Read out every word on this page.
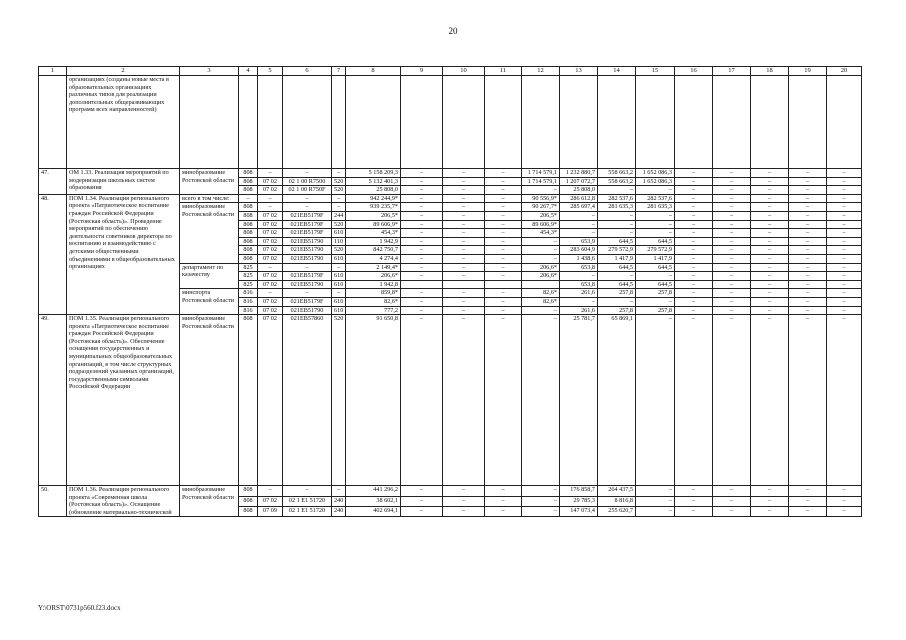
20
1	2	3	4	5	6	7	8	9	10	11	12	13	14	15	16	17	18	19	20
	организациях (созданы новые места в образовательных организациях различных типов для реализации дополнительных общеразвивающих программ всех направленностей)																		
47.	ОМ 1.33. Реализация мероприятий по модернизации школьных систем образования	минобразование Ростовской области	808	–	–	–	5 158 209,3	–	–	–	1 714 579,1	1 232 880,7	558 663,2	1 652 086,3	–	–	–	–	–
			808	07 02	02 1 00 R7500	520	5 132 401,3	–	–	–	1 714 579,1	1 207 072,7	558 663,2	1 652 086,3	–	–	–	–	–
			808	07 02	02 1 00 R750F	520	25 808,0	–	–	–	–	25 808,0	–	–	–	–	–	–	–
48.	ПОМ 1.34. Реализация регионального проекта «Патриотическое воспитание граждан Российской Федерации (Ростовская область)». Проведение мероприятий по обеспечению деятельности советников директора по воспитанию и взаимодействию с детскими общественными объединениями в общеобразовательных организациях	всего в том числе:	–	–	–	–	942 244,9*	–	–	–	90 556,9*	286 612,8	282 537,6	282 537,6	–	–	–	–	–
		минобразование Ростовской области	808	–	–	–	939 235,7*	–	–	–	90 267,7*	285 697,4	281 635,3	281 635,3	–	–	–	–	–
			808	07 02	021EB5179F	244	206,5*	–	–	–	206,5*	–	–	–	–	–	–	–	–
			808	07 02	021EB5179F	520	89 606,9*	–	–	–	89 606,9*	–	–	–	–	–	–	–	–
			808	07 02	021EB5179F	610	454,3*	–	–	–	454,3*	–	–	–	–	–	–	–	–
			808	07 02	021EB51790	110	1 942,9	–	–	–	–	653,9	644,5	644,5	–	–	–	–	–
			808	07 02	021EB51790	520	842 750,7	–	–	–	–	283 604,9	279 572,9	279 572,9	–	–	–	–	–
			808	07 02	021EB51790	610	4 274,4	–	–	–	–	1 438,6	1 417,9	1 417,9	–	–	–	–	–
		департамент по казачеству	825	–	–	–	2 149,4*	–	–	–	206,6*	653,8	644,5	644,5	–	–	–	–	–
			825	07 02	021EB5179F	610	206,6*	–	–	–	206,6*	–	–	–	–	–	–	–	–
			825	07 02	021EB51790	610	1 942,8					653,8	644,5	644,5	–	–	–	–	–
		минспорта Ростовской области	816	–	–	–	859,8*	–	–	–	82,6*	261,6	257,8	257,8	–	–	–	–	–
			816	07 02	021EB5179F	610	82,6*	–	–	–	82,6*	–	–	–	–	–	–	–	–
			816	07 02	021EB51790	610	777,2	–	–	–	–	261,6	257,8	257,8	–	–	–	–	–
49.	ПОМ 1.35. Реализация регионального проекта «Патриотическое воспитание граждан Российской Федерации (Ростовская область)». Обеспечение оснащения государственных и муниципальных общеобразовательных организаций, в том числе структурных подразделений указанных организаций, государственными символами Российской Федерации	минобразование Ростовской области	808	07 02	021EB57860	520	91 650,8	–	–	–	–	25 781,7	65 869,1	–	–	–	–	–	–
50.	ПОМ 1.36. Реализация регионального проекта «Современная школа (Ростовская область)». Оснащение (обновление материально-технической	минобразование Ростовской области	808	–	–	–	441 296,2	–	–	–	–	176 858,7	264 437,5	–	–	–	–	–	–
			808	07 02	02 1 E1 51720	240	38 602,1	–	–	–	–	29 785,3	8 816,8	–	–	–	–	–	–
			808	07 09	02 1 E1 51720	240	402 694,1	–	–	–	–	147 073,4	255 620,7	–	–	–	–	–	–
Y:\ORST\0731p560.f23.docx
